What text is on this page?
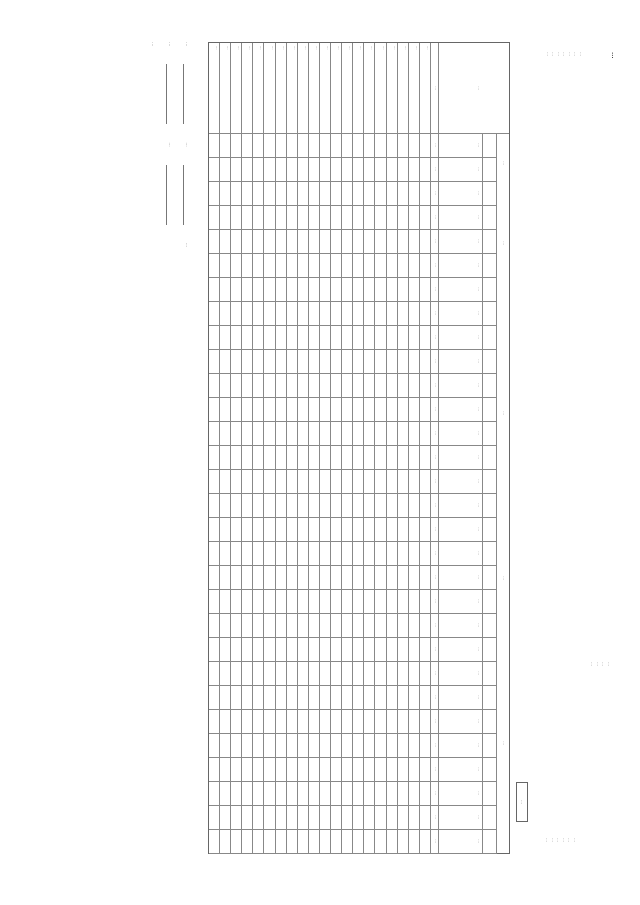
…
…
…
…
…
…
…
…
…
…
…
…
…
…
…
…
…
…
…
…
…
…
…
…
…
…
…
…
…
…
…
…
…
…
…
…
…
…
…
…
…
…
…
…
…
…
…
…
…
…
…
…
…
…
…
…
…
…
…
…
…
…
…
…
…
…
…
…
…
…
…
…
…
…
…
…
…
…
…
…
…
…
…
…
…
…
…
…
…
…
…
…
…
…
…
…
…
…
…
…
…
…
…
…
…
…
…
…
…
…
…
…
